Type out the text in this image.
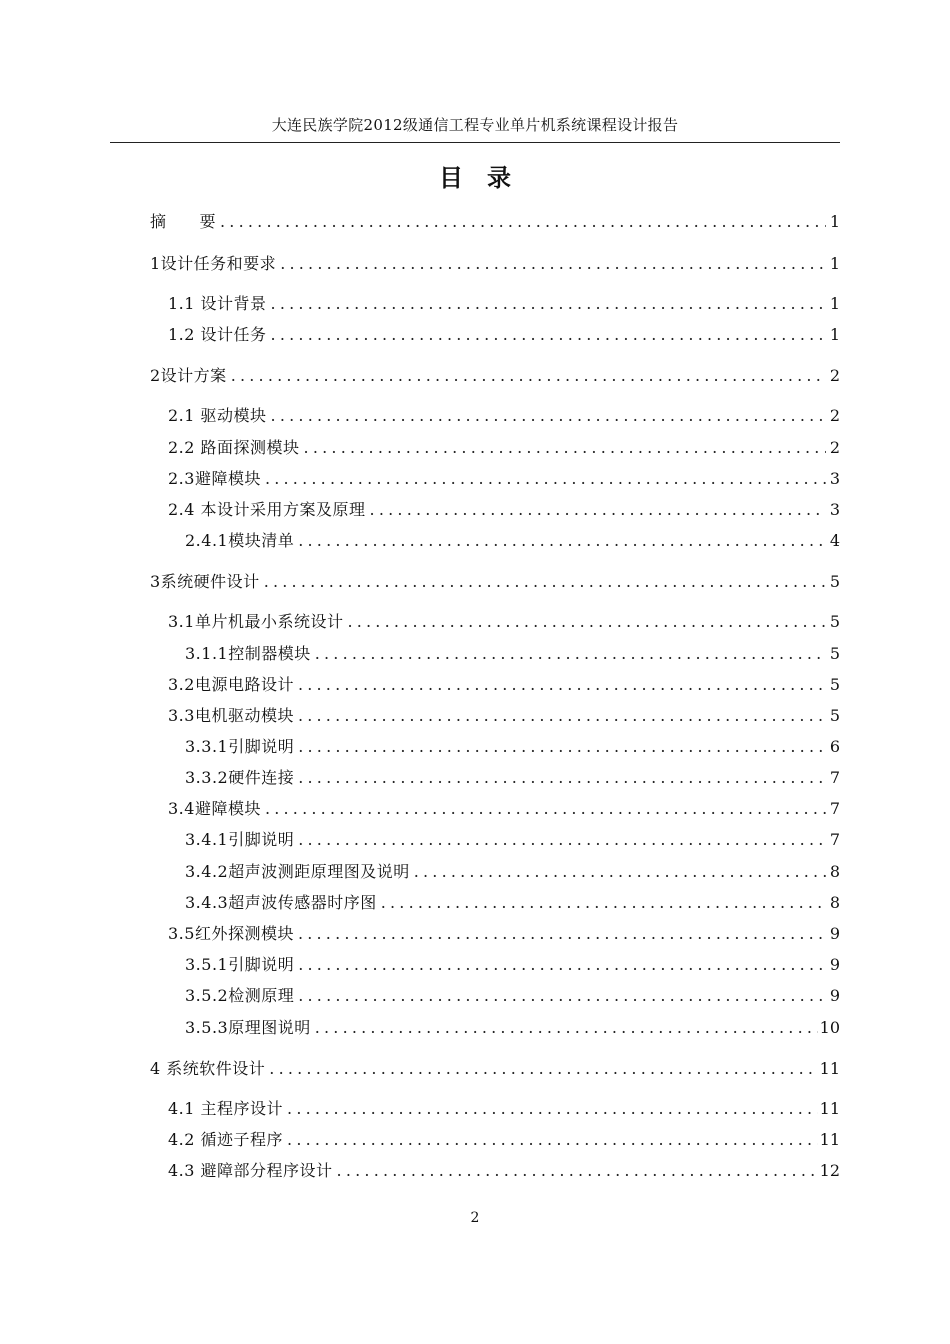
大连民族学院2012级通信工程专业单片机系统课程设计报告
目　录
摘　　要 .....	1
1设计任务和要求 .....	1
1.1 设计背景 .....	1
1.2 设计任务 .....	1
2设计方案 .....	2
2.1 驱动模块 .....	2
2.2 路面探测模块 .....	2
2.3避障模块 .....	3
2.4 本设计采用方案及原理 .....	3
2.4.1模块清单 .....	4
3系统硬件设计 .....	5
3.1单片机最小系统设计 .....	5
3.1.1控制器模块 .....	5
3.2电源电路设计 .....	5
3.3电机驱动模块 .....	5
3.3.1引脚说明 .....	6
3.3.2硬件连接 .....	7
3.4避障模块 .....	7
3.4.1引脚说明 .....	7
3.4.2超声波测距原理图及说明 .....	8
3.4.3超声波传感器时序图 .....	8
3.5红外探测模块 .....	9
3.5.1引脚说明 .....	9
3.5.2检测原理 .....	9
3.5.3原理图说明 .....	10
4 系统软件设计 .....	11
4.1 主程序设计 .....	11
4.2 循迹子程序 .....	11
4.3 避障部分程序设计 .....	12
2
